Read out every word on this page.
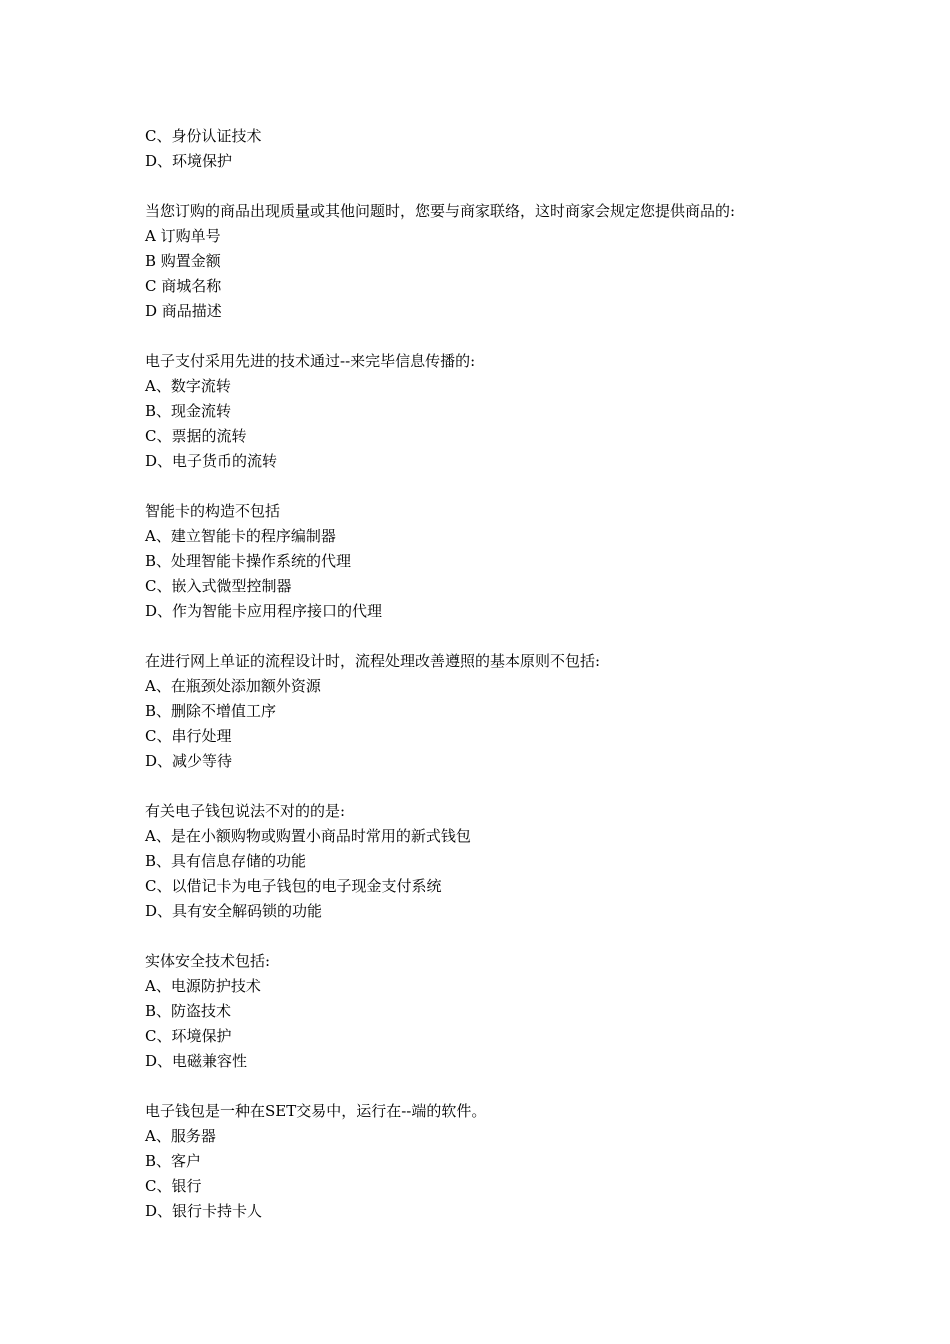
C、身份认证技术

D、环境保护

当您订购的商品出现质量或其他问题时，您要与商家联络，这时商家会规定您提供商品的:

A 订购单号

B 购置金额

C 商城名称

D 商品描述

电子支付采用先进的技术通过--来完毕信息传播的:

A、数字流转

B、现金流转

C、票据的流转

D、电子货币的流转

智能卡的构造不包括

A、建立智能卡的程序编制器

B、处理智能卡操作系统的代理

C、嵌入式微型控制器

D、作为智能卡应用程序接口的代理

在进行网上单证的流程设计时，流程处理改善遵照的基本原则不包括:

A、在瓶颈处添加额外资源

B、删除不增值工序

C、串行处理

D、减少等待

有关电子钱包说法不对的的是:

A、是在小额购物或购置小商品时常用的新式钱包

B、具有信息存储的功能

C、以借记卡为电子钱包的电子现金支付系统

D、具有安全解码锁的功能

实体安全技术包括:

A、电源防护技术

B、防盗技术

C、环境保护

D、电磁兼容性

电子钱包是一种在SET交易中，运行在--端的软件。

A、服务器

B、客户

C、银行

D、银行卡持卡人
